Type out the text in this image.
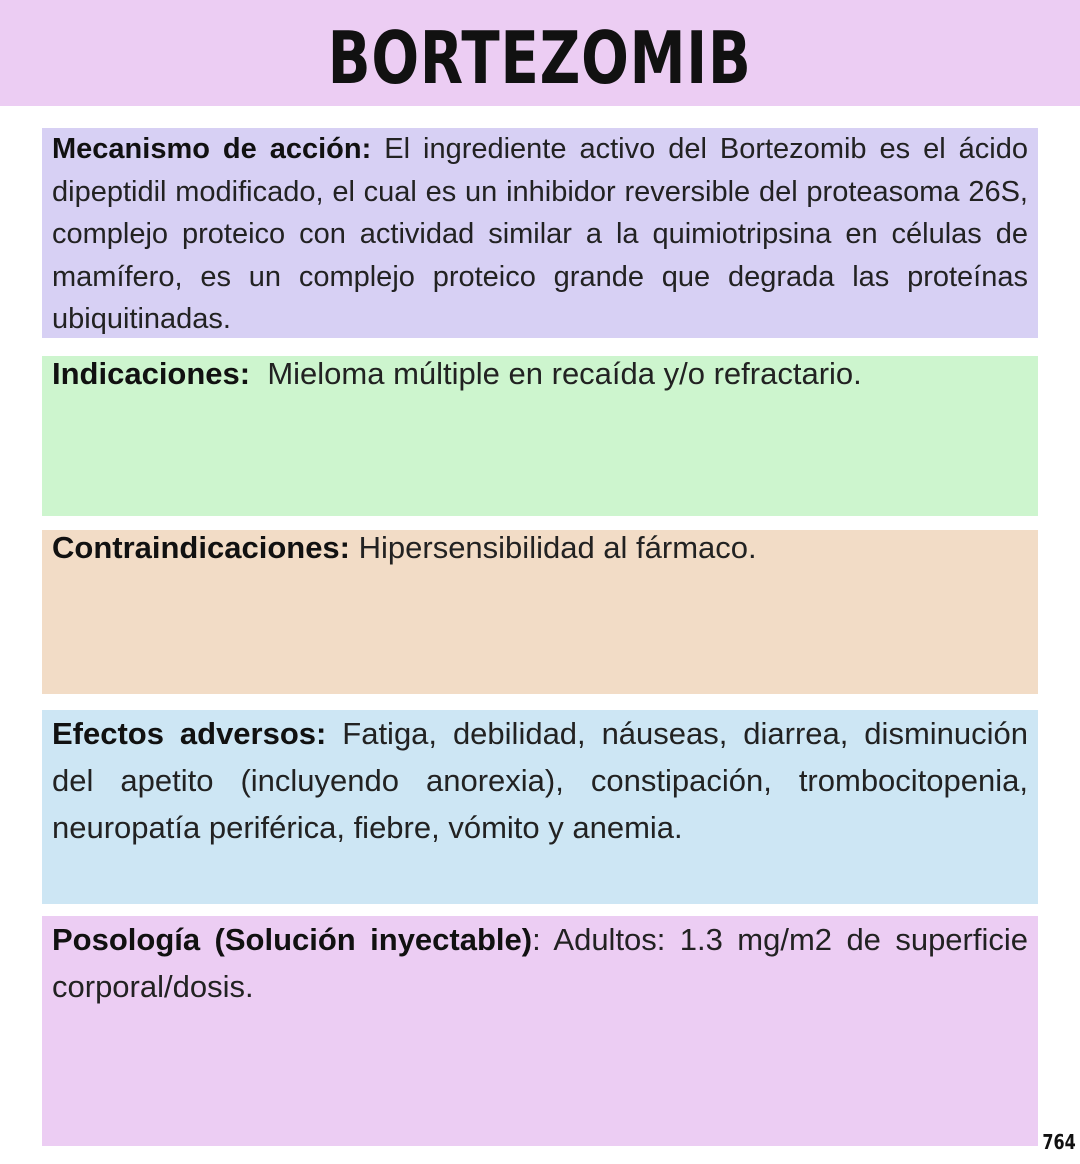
BORTEZOMIB
Mecanismo de acción: El ingrediente activo del Bortezomib es el ácido dipeptidil modificado, el cual es un inhibidor reversible del proteasoma 26S, complejo proteico con actividad similar a la quimiotripsina en células de mamífero, es un complejo proteico grande que degrada las proteínas ubiquitinadas.
Indicaciones:  Mieloma múltiple en recaída y/o refractario.
Contraindicaciones: Hipersensibilidad al fármaco.
Efectos adversos: Fatiga, debilidad, náuseas, diarrea, disminución del apetito (incluyendo anorexia), constipación, trombocitopenia, neuropatía periférica, fiebre, vómito y anemia.
Posología (Solución inyectable): Adultos: 1.3 mg/m2 de superficie corporal/dosis.
764
